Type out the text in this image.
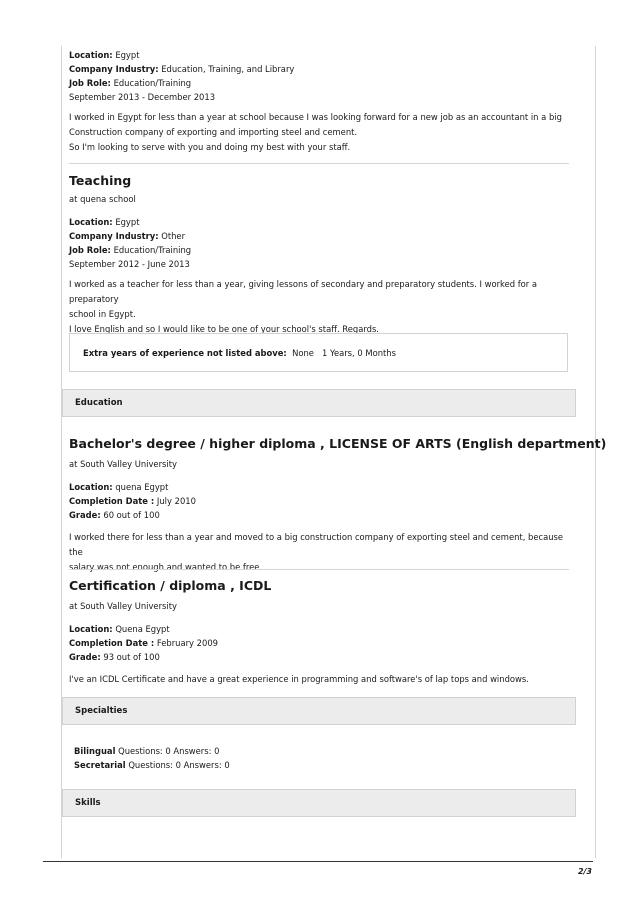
Location: Egypt
Company Industry: Education, Training, and Library
Job Role: Education/Training
September 2013 - December 2013
I worked in Egypt for less than a year at school because I was looking forward for a new job as an accountant in a big
Construction company of exporting and importing steel and cement.
So I'm looking to serve with you and doing my best with your staff.
Teaching
at quena school
Location: Egypt
Company Industry: Other
Job Role: Education/Training
September 2012 - June 2013
I worked as a teacher for less than a year, giving lessons of secondary and preparatory students. I worked for a preparatory
school in Egypt.
I love English and so I would like to be one of your school's staff. Regards.
Extra years of experience not listed above: None 1 Years, 0 Months
Education
Bachelor's degree / higher diploma , LICENSE OF ARTS (English department)
at South Valley University
Location: quena Egypt
Completion Date : July 2010
Grade: 60 out of 100
I worked there for less than a year and moved to a big construction company of exporting steel and cement, because the
salary was not enough and wanted to be free.
Certification / diploma , ICDL
at South Valley University
Location: Quena Egypt
Completion Date : February 2009
Grade: 93 out of 100
I've an ICDL Certificate and have a great experience in programming and software's of lap tops and windows.
Specialties
Bilingual Questions: 0 Answers: 0
Secretarial Questions: 0 Answers: 0
Skills
2/3
